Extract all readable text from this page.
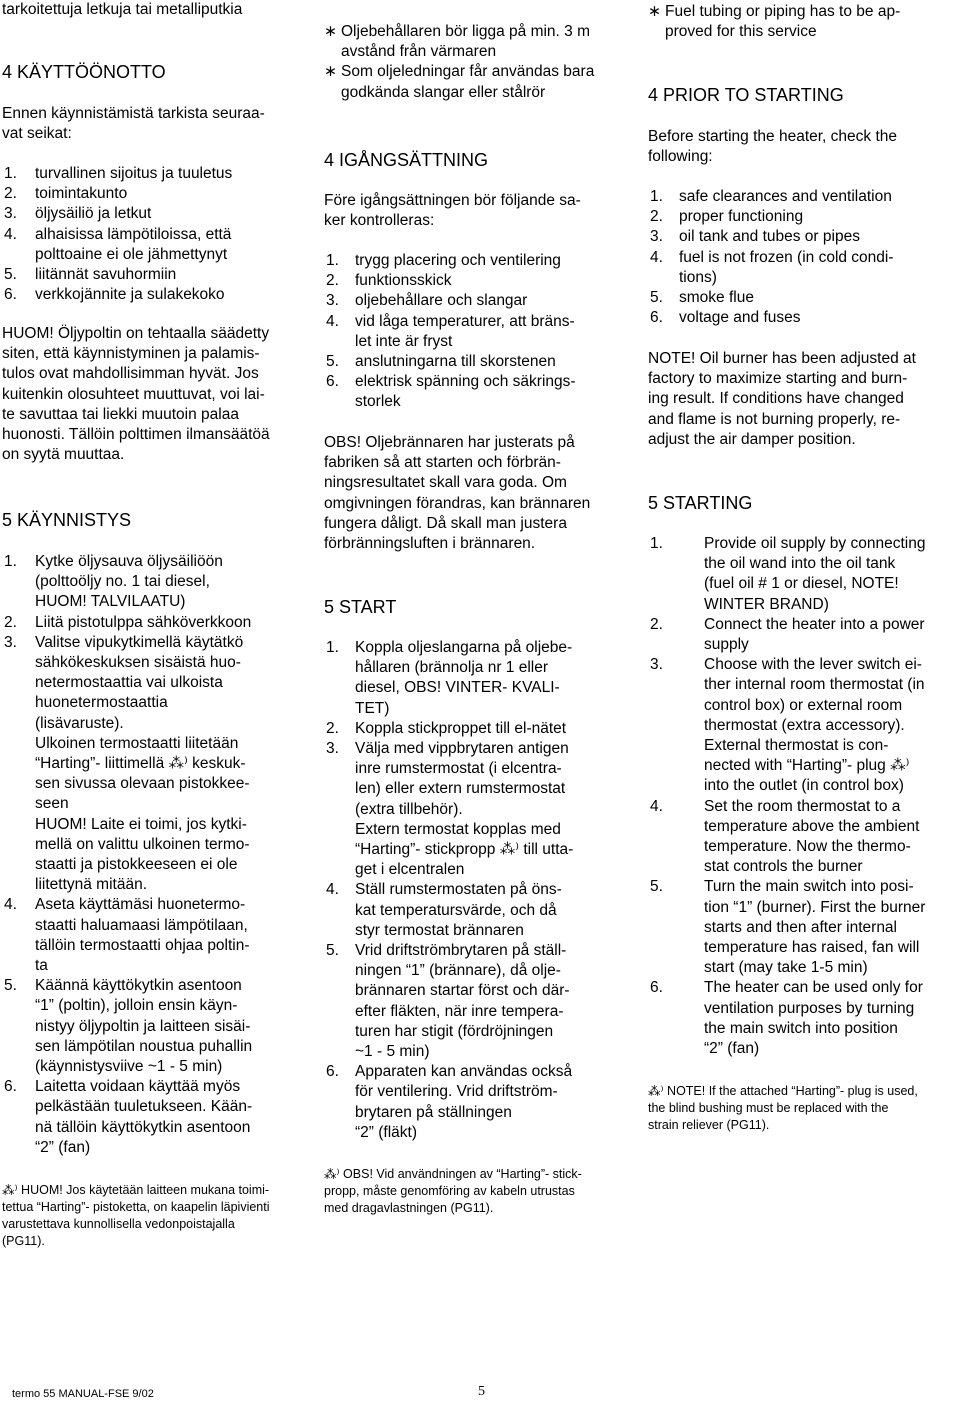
tarkoitettuja letkuja tai metalliputkia
4 KÄYTTÖÖNOTTO
5 KÄYNNISTYS
Ennen käynnistämistä tarkista seuraa-
vat seikat:
HUOM! Öljypoltin on tehtaalla säädetty
siten, että käynnistyminen ja palamis-
tulos ovat mahdollisimman hyvät. Jos
kuitenkin olosuhteet muuttuvat, voi lai-
te savuttaa tai liekki muutoin palaa
huonosti. Tällöin polttimen ilmansäätöä
on syytä muuttaa.
1. turvallinen sijoitus ja tuuletus
2. toimintakunto
3. öljysäiliö ja letkut
4. alhaisissa lämpötiloissa, että
polttoaine ei ole jähmettynyt
5. liitännät savuhormiin
6. verkkojännite ja sulakekoko
1. Kytke öljysauva öljysäiliöön
(polttoöljy no. 1 tai diesel,
HUOM! TALVILAATU)
2. Liitä pistotulppa sähköverkkoon
3. Valitse vipukytkimellä käytätkö
sähkökeskuksen sisäistä huo-
netermostaattia vai ulkoista
huonetermostaattia
(lisävaruste).
Ulkoinen termostaatti liitetään
“Harting”- liittimellä ⁂⁾ keskuk-
sen sivussa olevaan pistokkee-
seen
HUOM! Laite ei toimi, jos kytki-
mellä on valittu ulkoinen termo-
staatti ja pistokkeeseen ei ole
liitettynä mitään.
4. Aseta käyttämäsi huonetermo-
staatti haluamaasi lämpötilaan,
tällöin termostaatti ohjaa poltin-
ta
5. Käännä käyttökytkin asentoon
“1” (poltin), jolloin ensin käyn-
nistyy öljypoltin ja laitteen sisäi-
sen lämpötilan noustua puhallin
(käynnistysviive ~1 - 5 min)
6. Laitetta voidaan käyttää myös
pelkästään tuuletukseen. Kään-
nä tällöin käyttökytkin asentoon
“2” (fan)
⁂⁾ HUOM! Jos käytetään laitteen mukana toimi-
tettua “Harting”- pistoketta, on kaapelin läpivienti
varustettava kunnollisella vedonpoistajalla
(PG11).
4 IGÅNGSÄTTNING
5 START
Före igångsättningen bör följande sa-
ker kontrolleras:
OBS! Oljebrännaren har justerats på
fabriken så att starten och förbrän-
ningsresultatet skall vara goda. Om
omgivningen förandras, kan brännaren
fungera dåligt. Då skall man justera
förbränningsluften i brännaren.
∗ Oljebehållaren bör ligga på min. 3 m
avstånd från värmaren
∗ Som oljeledningar får användas bara
godkända slangar eller stålrör
1. trygg placering och ventilering
2. funktionsskick
3. oljebehållare och slangar
4. vid låga temperaturer, att bräns-
let inte är fryst
5. anslutningarna till skorstenen
6. elektrisk spänning och säkrings-
storlek
1. Koppla oljeslangarna på oljebe-
hållaren (brännolja nr 1 eller
diesel, OBS! VINTER- KVALI-
TET)
2. Koppla stickproppet till el-nätet
3. Välja med vippbrytaren antigen
inre rumstermostat (i elcentra-
len) eller extern rumstermostat
(extra tillbehör).
Extern termostat kopplas med
“Harting”- stickpropp ⁂⁾ till utta-
get i elcentralen
4. Ställ rumstermostaten på öns-
kat temperatursvärde, och då
styr termostat brännaren
5. Vrid driftströmbrytaren på ställ-
ningen “1” (brännare), då olje-
brännaren startar först och där-
efter fläkten, när inre tempera-
turen har stigit (fördröjningen
~1 - 5 min)
6. Apparaten kan användas också
för ventilering. Vrid driftström-
brytaren på ställningen
“2” (fläkt)
⁂⁾ OBS! Vid användningen av “Harting”- stick-
propp, måste genomföring av kabeln utrustas
med dragavlastningen (PG11).
4 PRIOR TO STARTING
5 STARTING
Before starting the heater, check the
following:
NOTE! Oil burner has been adjusted at
factory to maximize starting and burn-
ing result. If conditions have changed
and flame is not burning properly, re-
adjust the air damper position.
∗ Fuel tubing or piping has to be ap-
proved for this service
1. safe clearances and ventilation
2. proper functioning
3. oil tank and tubes or pipes
4. fuel is not frozen (in cold condi-
tions)
5. smoke flue
6. voltage and fuses
1.	Provide oil supply by connecting
the oil wand into the oil tank
(fuel oil # 1 or diesel, NOTE!
WINTER BRAND)
2.	Connect the heater into a power
supply
3.	Choose with the lever switch ei-
ther internal room thermostat (in
control box) or external room
thermostat (extra accessory).
External thermostat is con-
nected with “Harting”- plug ⁂⁾
into the outlet (in control box)
4.	Set the room thermostat to a
temperature above the ambient
temperature. Now the thermo-
stat controls the burner
5.	Turn the main switch into posi-
tion “1” (burner). First the burner
starts and then after internal
temperature has raised, fan will
start (may take 1-5 min)
6.	The heater can be used only for
ventilation purposes by turning
the main switch into position
“2” (fan)
⁂⁾ NOTE! If the attached “Harting”- plug is used,
the blind bushing must be replaced with the
strain reliever (PG11).
termo 55 MANUAL-FSE 9/02	5
